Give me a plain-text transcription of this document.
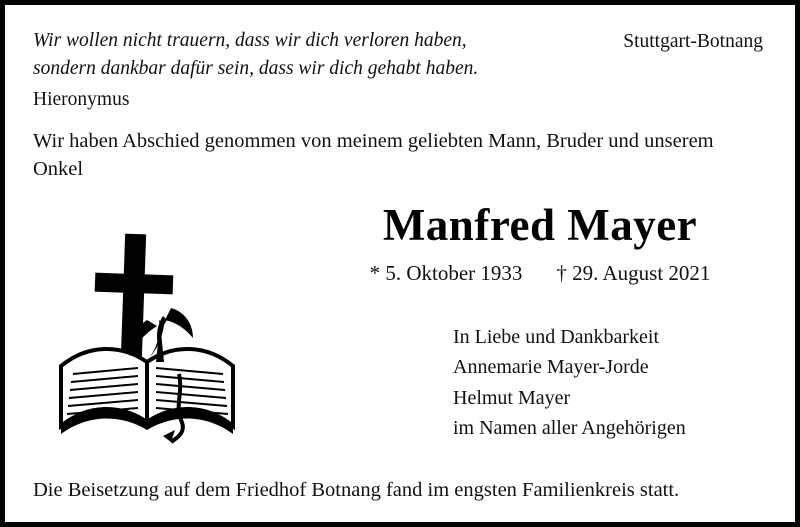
Wir wollen nicht trauern, dass wir dich verloren haben,
sondern dankbar dafür sein, dass wir dich gehabt haben.
Stuttgart-Botnang
Hieronymus
Wir haben Abschied genommen von meinem geliebten Mann, Bruder und unserem Onkel
Manfred Mayer
* 5. Oktober 1933 † 29. August 2021
In Liebe und Dankbarkeit
Annemarie Mayer-Jorde
Helmut Mayer
im Namen aller Angehörigen
Die Beisetzung auf dem Friedhof Botnang fand im engsten Familienkreis statt.
